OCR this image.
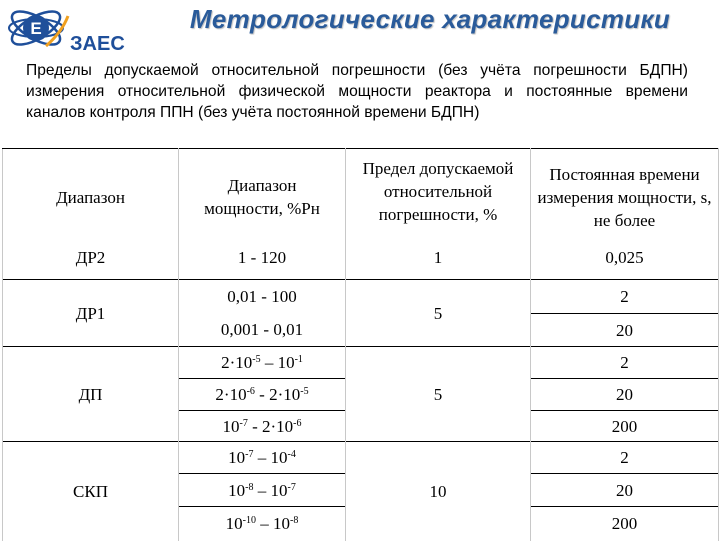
Е
ЗАЕС
Метрологические характеристики
Пределы допускаемой относительной погрешности (без учёта погрешности БДПН) измерения относительной физической мощности реактора и постоянные времени каналов контроля ППН (без учёта постоянной времени БДПН)
Диапазон	Диапазон мощности, %Рн	Предел допускаемой относительной погрешности, %	Постоянная времени измерения мощности, s, не более

ДР2	1 - 120	1	0,025
ДР1	0,01 - 100	5	2
	0,001 - 0,01		20
ДП	$2\cdot 10^{-5} - 10^{-1}$	5	2
	$2\cdot 10^{-6} - 2\cdot 10^{-5}$		20
	$10^{-7} - 2\cdot 10^{-6}$		200
СКП	$10^{-7} - 10^{-4}$	10	2
	$10^{-8} - 10^{-7}$		20
	$10^{-10} - 10^{-8}$		200
